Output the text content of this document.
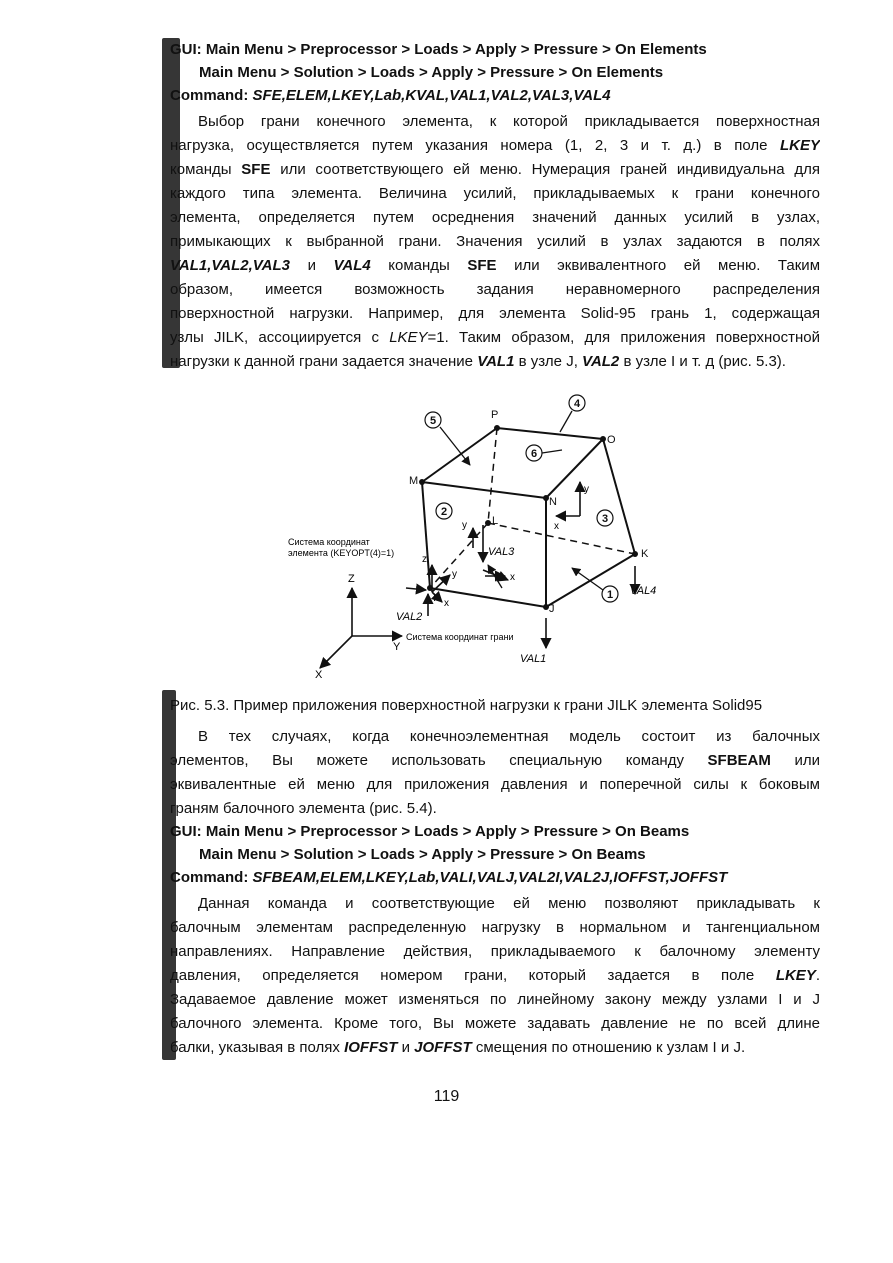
GUI: Main Menu > Preprocessor > Loads > Apply > Pressure > On Elements
Main Menu > Solution > Loads > Apply > Pressure > On Elements
Command: SFE,ELEM,LKEY,Lab,KVAL,VAL1,VAL2,VAL3,VAL4
Выбор грани конечного элемента, к которой прикладывается поверхностная
нагрузка, осуществляется путем указания номера (1, 2, 3 и т. д.) в поле LKEY
команды SFE или соответствующего ей меню. Нумерация граней индивидуальна для
каждого типа элемента. Величина усилий, прикладываемых к грани конечного
элемента, определяется путем осреднения значений данных усилий в узлах,
примыкающих к выбранной грани. Значения усилий в узлах задаются в полях
VAL1,VAL2,VAL3 и VAL4 команды SFE или эквивалентного ей меню. Таким
образом, имеется возможность задания неравномерного распределения
поверхностной нагрузки. Например, для элемента Solid-95 грань 1, содержащая
узлы JILK, ассоциируется с LKEY=1. Таким образом, для приложения поверхностной
нагрузки к данной грани задается значение VAL1 в узле J, VAL2 в узле I и т. д (рис. 5.3).
P
O
M
N
L
K
I
J
5
4
6
2
3
1
y
x
y
VAL3
z
y
x
VAL2
x
VAL1
VAL4
Система координат
элемента (KEYOPT(4)=1)
Z
Y
X
Система координат грани
Рис. 5.3. Пример приложения поверхностной нагрузки к грани JILK элемента Solid95
В тех случаях, когда конечноэлементная модель состоит из балочных
элементов, Вы можете использовать специальную команду SFBEAM или
эквивалентные ей меню для приложения давления и поперечной силы к боковым
граням балочного элемента (рис. 5.4).
GUI: Main Menu > Preprocessor > Loads > Apply > Pressure > On Beams
Main Menu > Solution > Loads > Apply > Pressure > On Beams
Command: SFBEAM,ELEM,LKEY,Lab,VALI,VALJ,VAL2I,VAL2J,IOFFST,JOFFST
Данная команда и соответствующие ей меню позволяют прикладывать к
балочным элементам распределенную нагрузку в нормальном и тангенциальном
направлениях. Направление действия, прикладываемого к балочному элементу
давления, определяется номером грани, который задается в поле LKEY.
Задаваемое давление может изменяться по линейному закону между узлами I и J
балочного элемента. Кроме того, Вы можете задавать давление не по всей длине
балки, указывая в полях IOFFST и JOFFST смещения по отношению к узлам I и J.
119
